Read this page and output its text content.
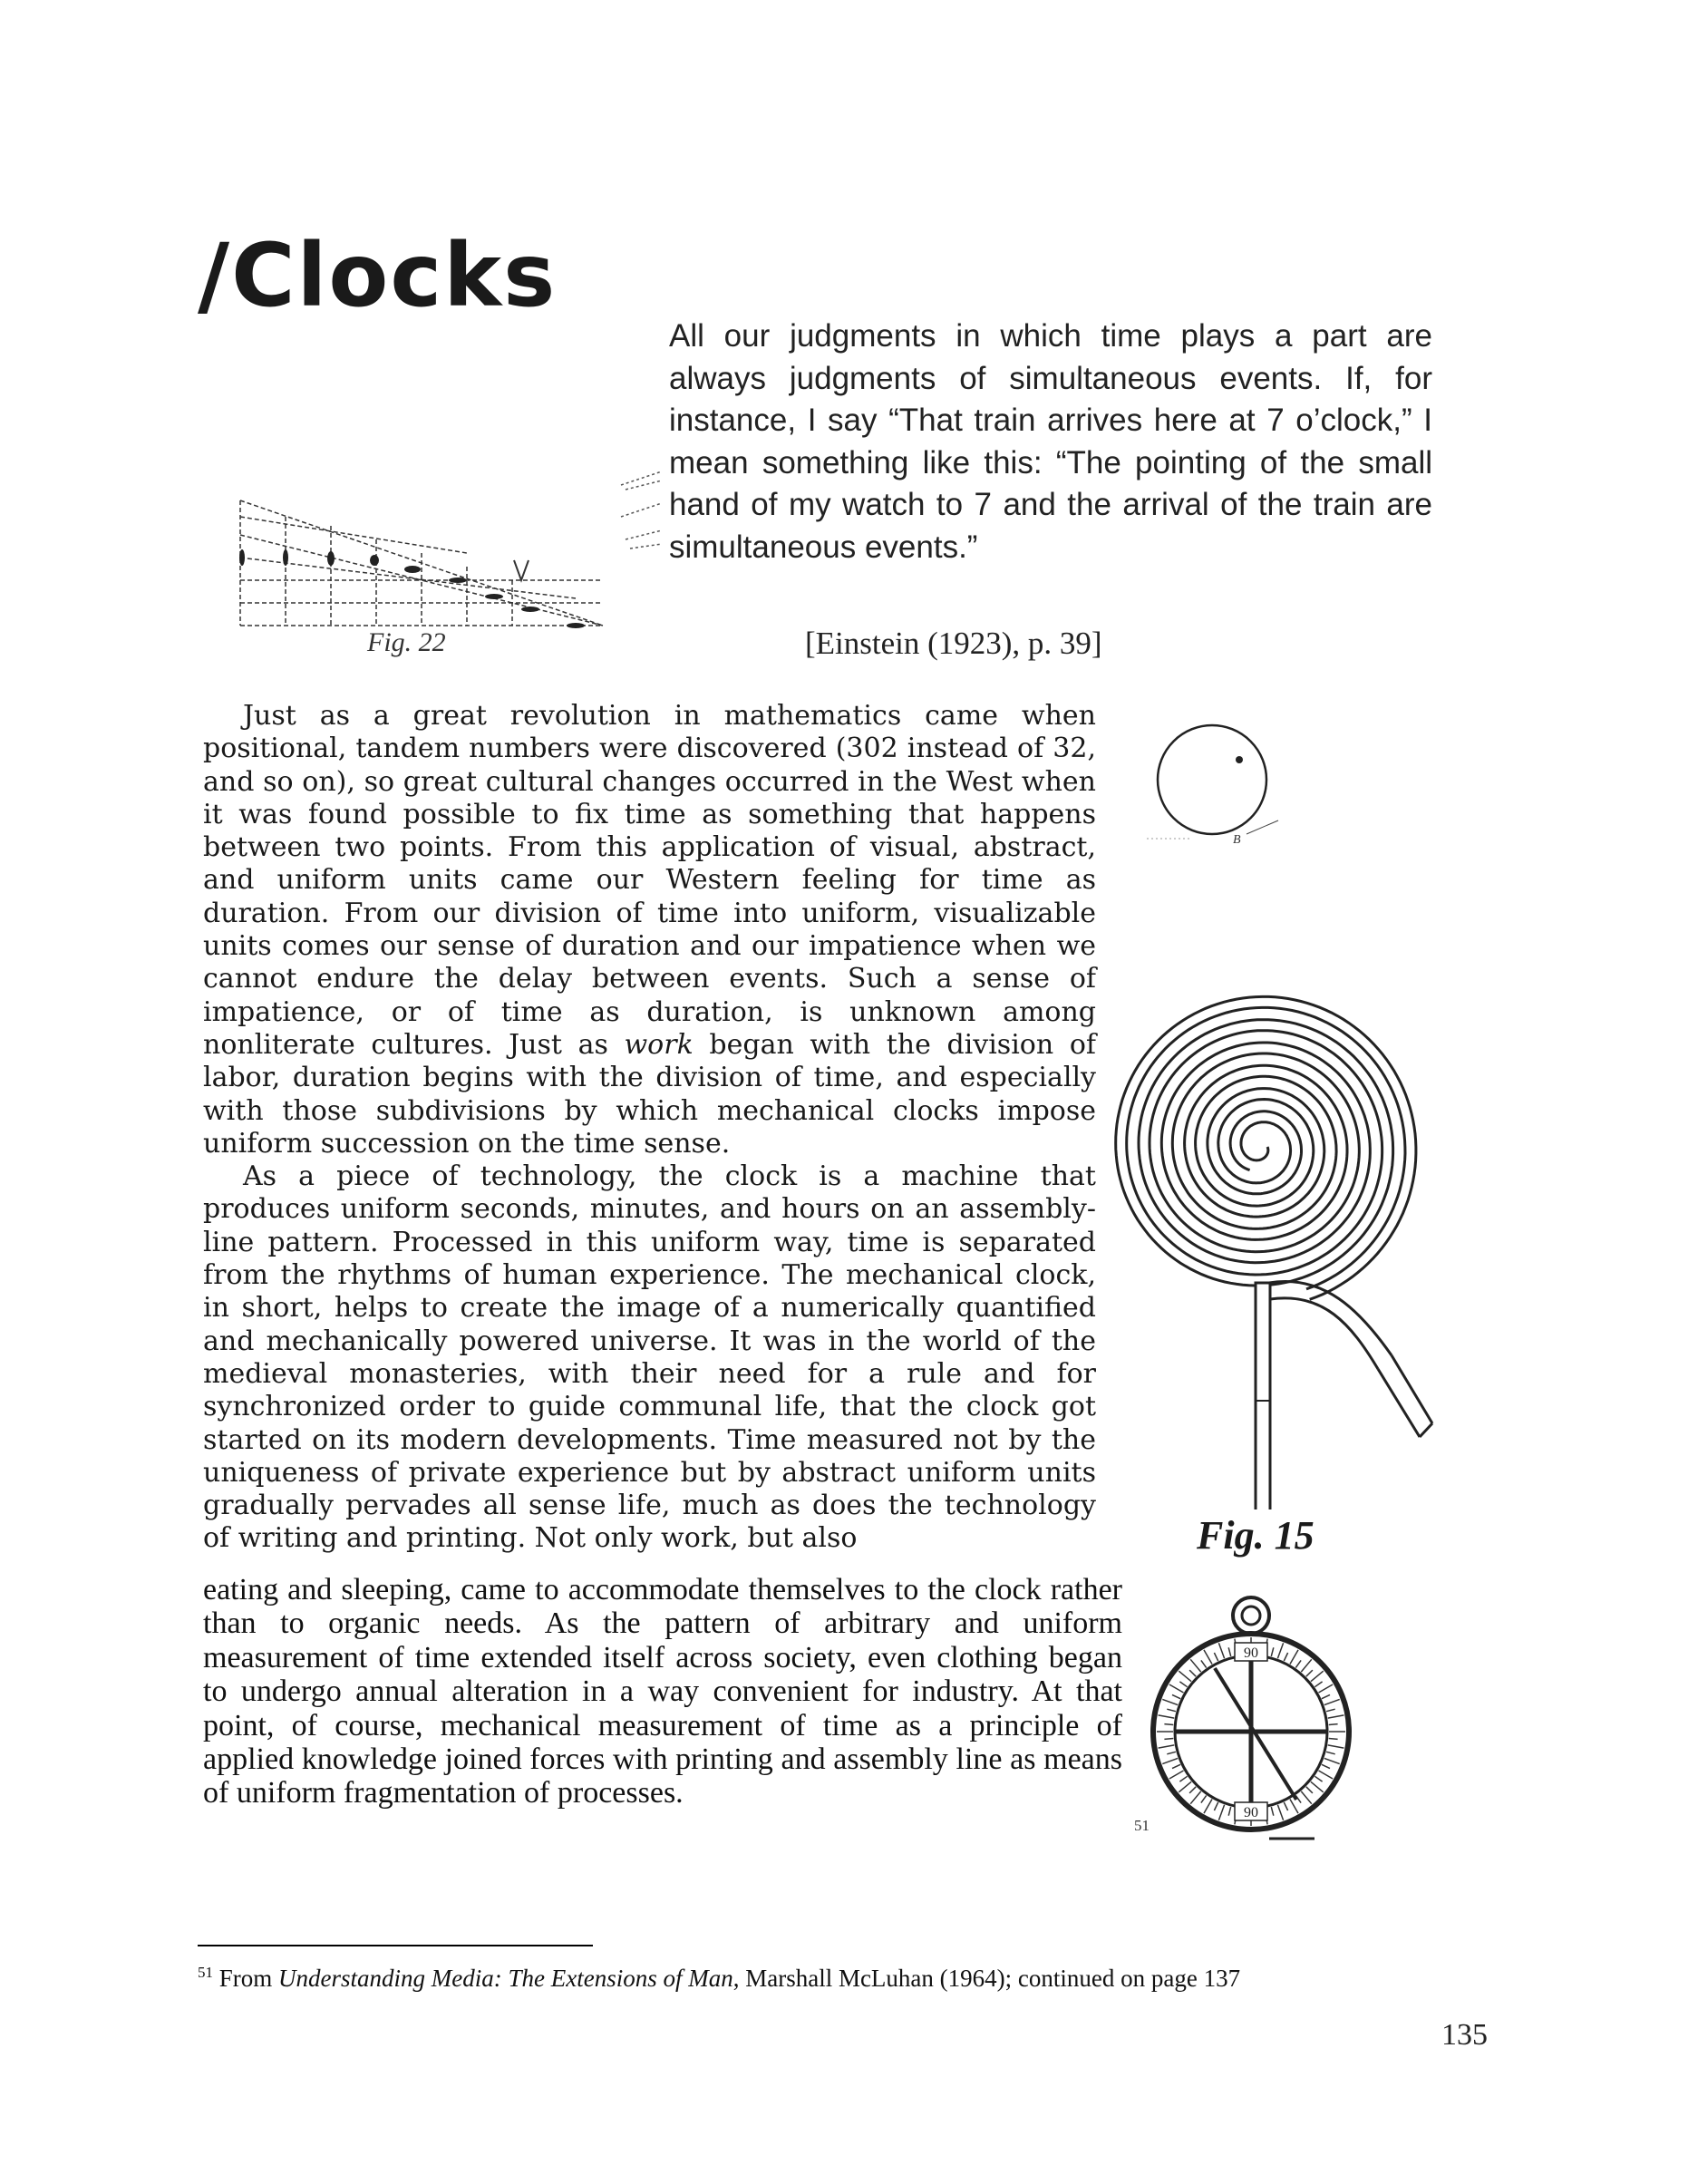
/Clocks
Fig. 22
All our judgments in which time plays a part are always judgments of simultaneous events. If, for instance, I say “That train arrives here at 7 o’clock,” I mean something like this: “The pointing of the small hand of my watch to 7 and the arrival of the train are simultaneous events.”
[Einstein (1923), p. 39]
B
Fig. 15
90
90

Just as a great revolution in mathematics came when positional, tandem numbers were discovered (302 instead of 32, and so on), so great cultural changes occurred in the West when it was found possible to fix time as something that happens between two points. From this application of visual, abstract, and uniform units came our Western feeling for time as duration. From our division of time into uniform, visualizable units comes our sense of duration and our impatience when we cannot endure the delay between events. Such a sense of impatience, or of time as duration, is unknown among nonliterate cultures. Just as work began with the division of labor, duration begins with the division of time, and especially with those subdivisions by which mechanical clocks impose uniform succession on the time sense.

As a piece of technology, the clock is a machine that produces uniform seconds, minutes, and hours on an assembly-line pattern. Processed in this uniform way, time is separated from the rhythms of human experience. The mechanical clock, in short, helps to create the image of a numerically quantified and mechanically powered universe. It was in the world of the medieval monasteries, with their need for a rule and for synchronized order to guide communal life, that the clock got started on its modern developments. Time measured not by the uniqueness of private experience but by abstract uniform units gradually pervades all sense life, much as does the technology of writing and printing. Not only work, but also

eating and sleeping, came to accommodate themselves to the clock rather than to organic needs. As the pattern of arbitrary and uniform measurement of time extended itself across society, even clothing began to undergo annual alteration in a way convenient for industry. At that point, of course, mechanical measurement of time as a principle of applied knowledge joined forces with printing and assembly line as means of uniform fragmentation of processes.

51
$^{51}$ From Understanding Media: The Extensions of Man, Marshall McLuhan (1964); continued on page 137
135
